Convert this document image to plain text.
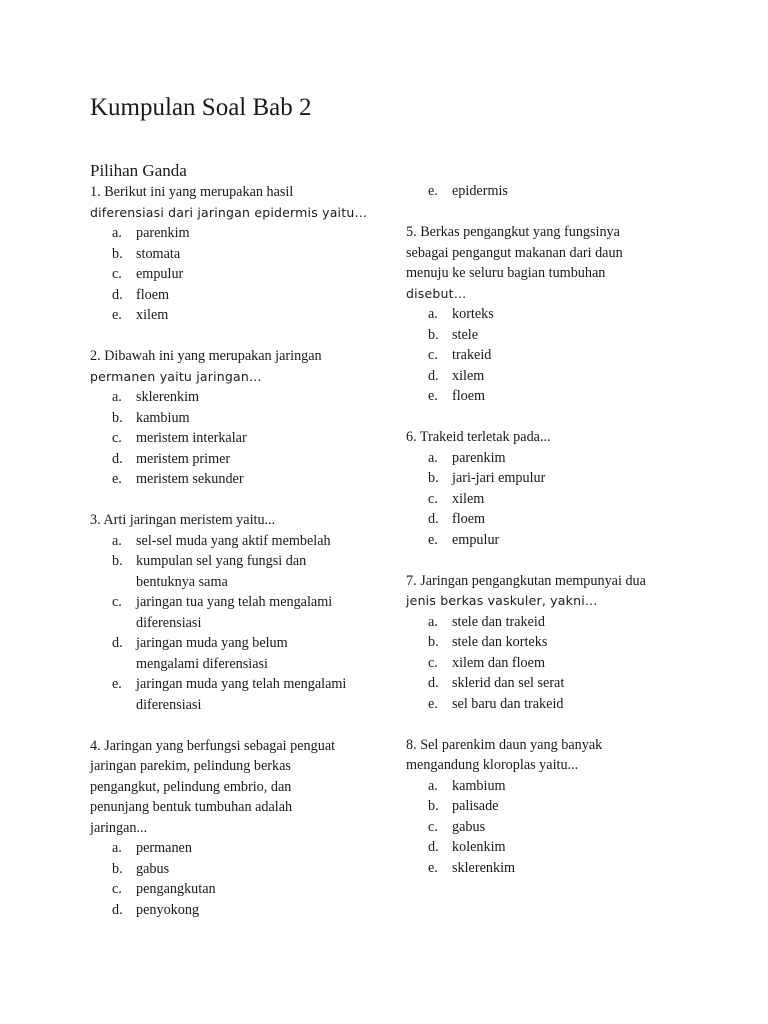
Kumpulan Soal Bab 2
Pilihan Ganda
1. Berikut ini yang merupakan hasil
diferensiasi dari jaringan epidermis yaitu…
a. parenkim
b. stomata
c. empulur
d. floem
e. xilem
2. Dibawah ini yang merupakan jaringan
permanen yaitu jaringan…
a. sklerenkim
b. kambium
c. meristem interkalar
d. meristem primer
e. meristem sekunder
3. Arti jaringan meristem yaitu...
a. sel-sel muda yang aktif membelah
b. kumpulan sel yang fungsi dan
bentuknya sama
c. jaringan tua yang telah mengalami
diferensiasi
d. jaringan muda yang belum
mengalami diferensiasi
e. jaringan muda yang telah mengalami
diferensiasi
4. Jaringan yang berfungsi sebagai penguat
jaringan parekim, pelindung berkas
pengangkut, pelindung embrio, dan
penunjang bentuk tumbuhan adalah
jaringan...
a. permanen
b. gabus
c. pengangkutan
d. penyokong
e. epidermis
5. Berkas pengangkut yang fungsinya
sebagai pengangut makanan dari daun
menuju ke seluru bagian tumbuhan
disebut…
a. korteks
b. stele
c. trakeid
d. xilem
e. floem
6. Trakeid terletak pada...
a. parenkim
b. jari-jari empulur
c. xilem
d. floem
e. empulur
7. Jaringan pengangkutan mempunyai dua
jenis berkas vaskuler, yakni…
a. stele dan trakeid
b. stele dan korteks
c. xilem dan floem
d. sklerid dan sel serat
e. sel baru dan trakeid
8. Sel parenkim daun yang banyak
mengandung kloroplas yaitu...
a. kambium
b. palisade
c. gabus
d. kolenkim
e. sklerenkim
